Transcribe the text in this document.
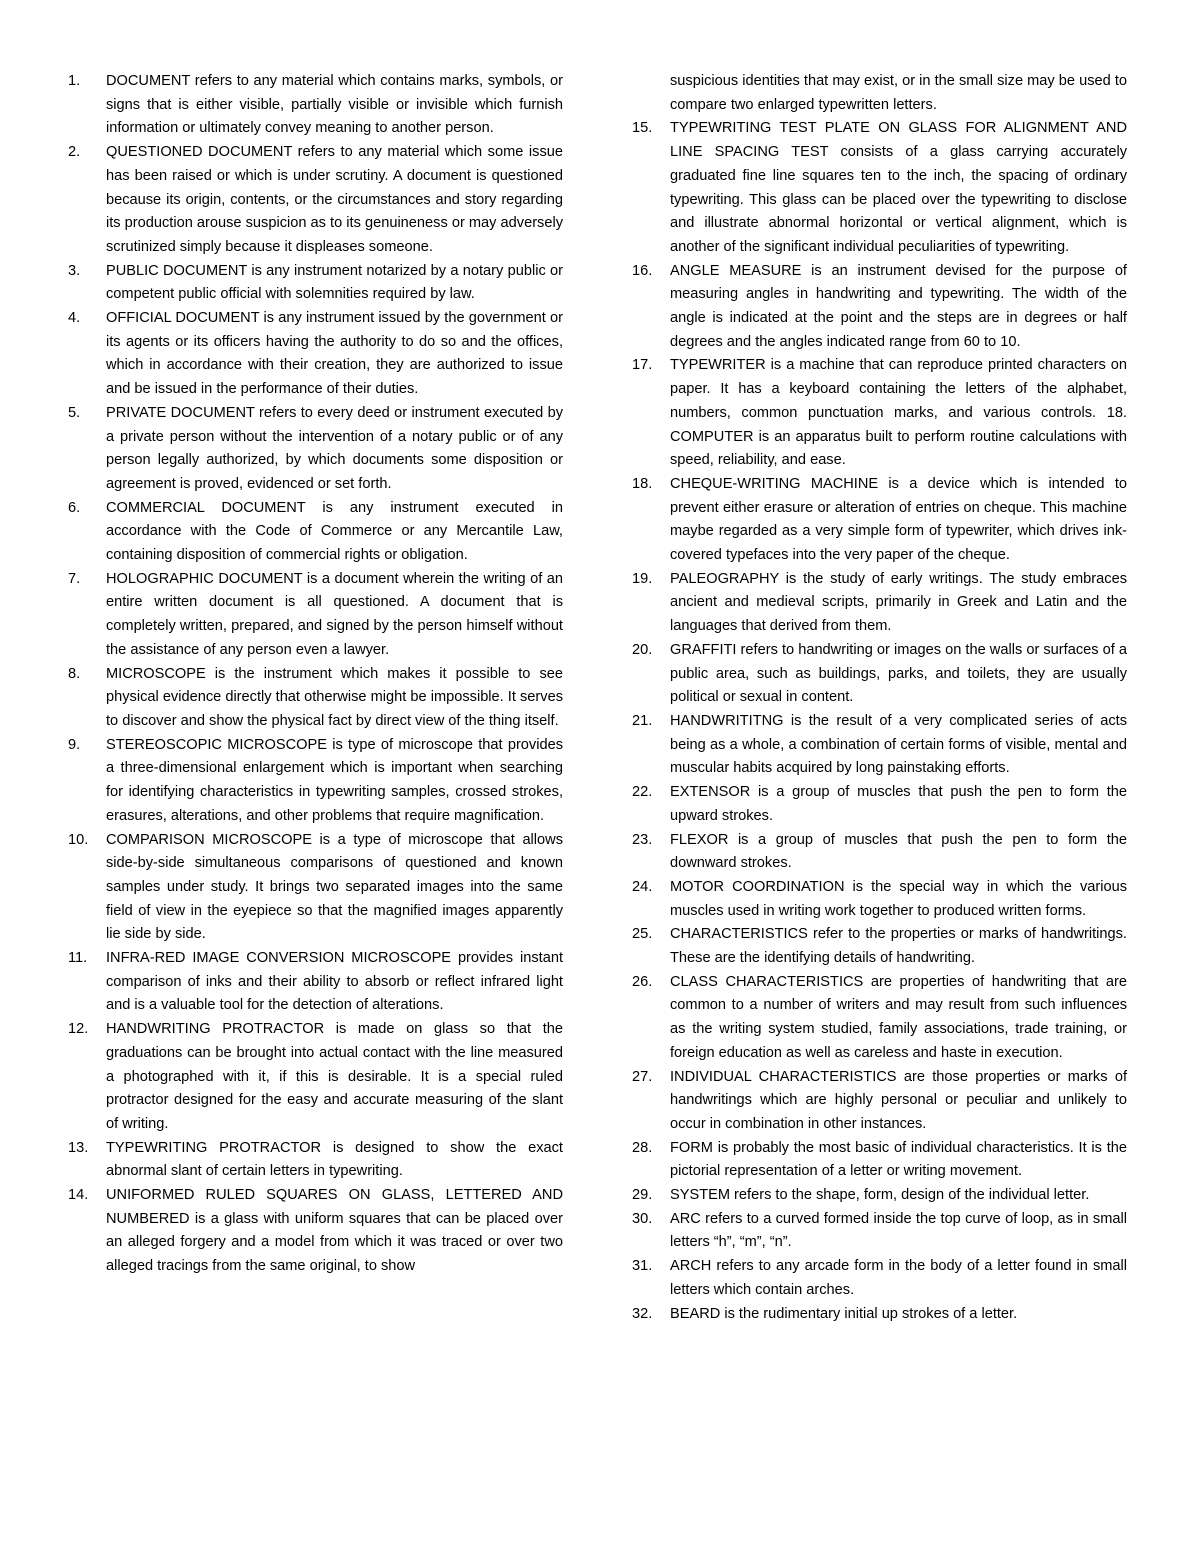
1.	DOCUMENT refers to any material which contains marks, symbols, or signs that is either visible, partially visible or invisible which furnish information or ultimately convey meaning to another person.
2.	QUESTIONED DOCUMENT refers to any material which some issue has been raised or which is under scrutiny. A document is questioned because its origin, contents, or the circumstances and story regarding its production arouse suspicion as to its genuineness or may adversely scrutinized simply because it displeases someone.
3.	PUBLIC DOCUMENT is any instrument notarized by a notary public or competent public official with solemnities required by law.
4.	OFFICIAL DOCUMENT is any instrument issued by the government or its agents or its officers having the authority to do so and the offices, which in accordance with their creation, they are authorized to issue and be issued in the performance of their duties.
5.	PRIVATE DOCUMENT refers to every deed or instrument executed by a private person without the intervention of a notary public or of any person legally authorized, by which documents some disposition or agreement is proved, evidenced or set forth.
6.	COMMERCIAL DOCUMENT is any instrument executed in accordance with the Code of Commerce or any Mercantile Law, containing disposition of commercial rights or obligation.
7.	HOLOGRAPHIC DOCUMENT is a document wherein the writing of an entire written document is all questioned. A document that is completely written, prepared, and signed by the person himself without the assistance of any person even a lawyer.
8.	MICROSCOPE is the instrument which makes it possible to see physical evidence directly that otherwise might be impossible. It serves to discover and show the physical fact by direct view of the thing itself.
9.	STEREOSCOPIC MICROSCOPE is type of microscope that provides a three-dimensional enlargement which is important when searching for identifying characteristics in typewriting samples, crossed strokes, erasures, alterations, and other problems that require magnification.
10.	COMPARISON MICROSCOPE is a type of microscope that allows side-by-side simultaneous comparisons of questioned and known samples under study. It brings two separated images into the same field of view in the eyepiece so that the magnified images apparently lie side by side.
11.	INFRA-RED IMAGE CONVERSION MICROSCOPE provides instant comparison of inks and their ability to absorb or reflect infrared light and is a valuable tool for the detection of alterations.
12.	HANDWRITING PROTRACTOR is made on glass so that the graduations can be brought into actual contact with the line measured a photographed with it, if this is desirable. It is a special ruled protractor designed for the easy and accurate measuring of the slant of writing.
13.	TYPEWRITING PROTRACTOR is designed to show the exact abnormal slant of certain letters in typewriting.
14.	UNIFORMED RULED SQUARES ON GLASS, LETTERED AND NUMBERED is a glass with uniform squares that can be placed over an alleged forgery and a model from which it was traced or over two alleged tracings from the same original, to show

suspicious identities that may exist, or in the small size may be used to compare two enlarged typewritten letters.

15.	TYPEWRITING TEST PLATE ON GLASS FOR ALIGNMENT AND LINE SPACING TEST consists of a glass carrying accurately graduated fine line squares ten to the inch, the spacing of ordinary typewriting. This glass can be placed over the typewriting to disclose and illustrate abnormal horizontal or vertical alignment, which is another of the significant individual peculiarities of typewriting.
16.	ANGLE MEASURE is an instrument devised for the purpose of measuring angles in handwriting and typewriting. The width of the angle is indicated at the point and the steps are in degrees or half degrees and the angles indicated range from 60 to 10.
17.	TYPEWRITER is a machine that can reproduce printed characters on paper. It has a keyboard containing the letters of the alphabet, numbers, common punctuation marks, and various controls. 18. COMPUTER is an apparatus built to perform routine calculations with speed, reliability, and ease.
18.	CHEQUE-WRITING MACHINE is a device which is intended to prevent either erasure or alteration of entries on cheque. This machine maybe regarded as a very simple form of typewriter, which drives ink-covered typefaces into the very paper of the cheque.
19.	PALEOGRAPHY is the study of early writings. The study embraces ancient and medieval scripts, primarily in Greek and Latin and the languages that derived from them.
20.	GRAFFITI refers to handwriting or images on the walls or surfaces of a public area, such as buildings, parks, and toilets, they are usually political or sexual in content.
21.	HANDWRITITNG is the result of a very complicated series of acts being as a whole, a combination of certain forms of visible, mental and muscular habits acquired by long painstaking efforts.
22.	EXTENSOR is a group of muscles that push the pen to form the upward strokes.
23.	FLEXOR is a group of muscles that push the pen to form the downward strokes.
24.	MOTOR COORDINATION is the special way in which the various muscles used in writing work together to produced written forms.
25.	CHARACTERISTICS refer to the properties or marks of handwritings. These are the identifying details of handwriting.
26.	CLASS CHARACTERISTICS are properties of handwriting that are common to a number of writers and may result from such influences as the writing system studied, family associations, trade training, or foreign education as well as careless and haste in execution.
27.	INDIVIDUAL CHARACTERISTICS are those properties or marks of handwritings which are highly personal or peculiar and unlikely to occur in combination in other instances.
28.	FORM is probably the most basic of individual characteristics. It is the pictorial representation of a letter or writing movement.
29.	SYSTEM refers to the shape, form, design of the individual letter.
30.	ARC refers to a curved formed inside the top curve of loop, as in small letters “h”, “m”, “n”.
31.	ARCH refers to any arcade form in the body of a letter found in small letters which contain arches.
32.	BEARD is the rudimentary initial up strokes of a letter.
